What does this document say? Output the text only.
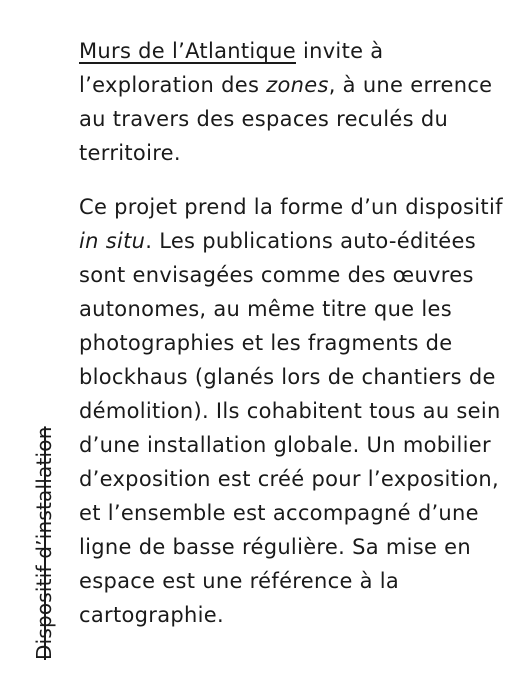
Dispositif d’installation

Murs de l’Atlantique invite à l’exploration des zones, à une errence au travers des espaces reculés du territoire.

Ce projet prend la forme d’un dispositif in situ. Les publications auto-éditées sont envisagées comme des œuvres autonomes, au même titre que les photographies et les fragments de blockhaus (glanés lors de chantiers de démolition). Ils cohabitent tous au sein d’une installation globale. Un mobilier d’exposition est créé pour l’exposition, et l’ensemble est accompagné d’une ligne de basse régulière. Sa mise en espace est une référence à la cartographie.
